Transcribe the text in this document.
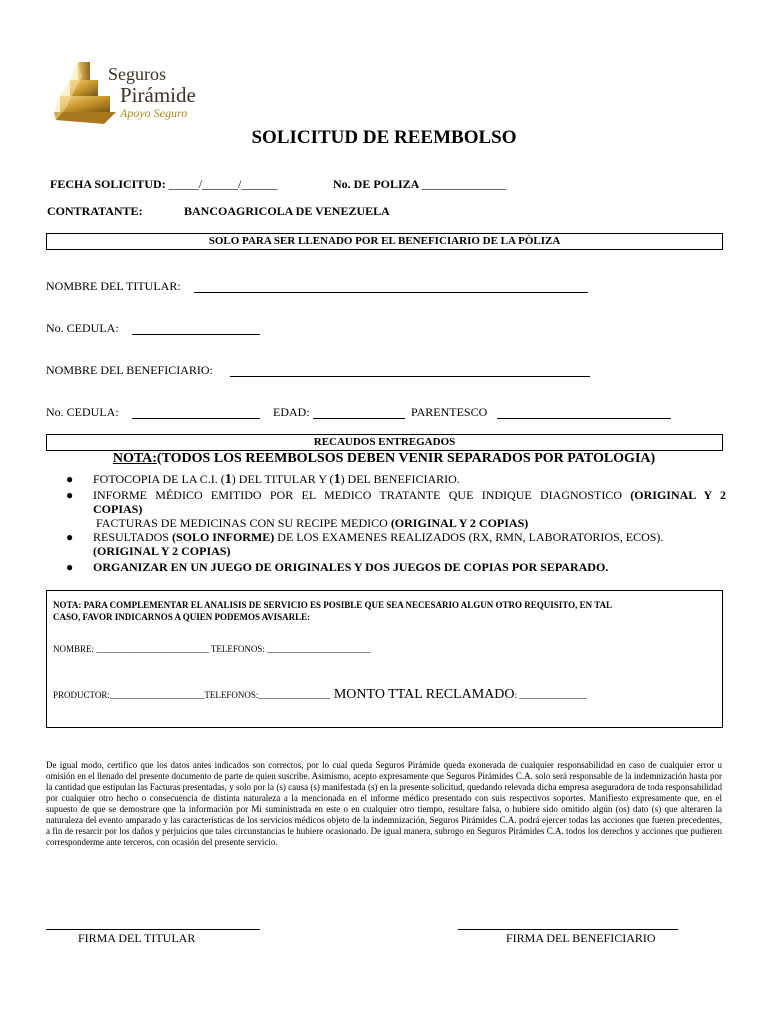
Seguros
Pirámide
Apoyo Seguro
SOLICITUD DE REEMBOLSO
FECHA SOLICITUD: _____/______/______	No. DE POLIZA ______________
CONTRATANTE:	BANCOAGRICOLA DE VENEZUELA
SOLO PARA SER LLENADO POR EL BENEFICIARIO DE LA PÒLIZA
NOMBRE DEL TITULAR:
No. CEDULA:
NOMBRE DEL BENEFICIARIO:
No. CEDULA:	EDAD:	PARENTESCO
RECAUDOS ENTREGADOS
NOTA:(TODOS LOS REEMBOLSOS DEBEN VENIR SEPARADOS POR PATOLOGIA)
● FOTOCOPIA DE LA C.I. (1) DEL TITULAR Y (1) DEL BENEFICIARIO.
● INFORME MÉDICO EMITIDO POR EL MEDICO TRATANTE QUE INDIQUE DIAGNOSTICO (ORIGINAL Y 2
COPIAS)
FACTURAS DE MEDICINAS CON SU RECIPE MEDICO (ORIGINAL Y 2 COPIAS)
● RESULTADOS (SOLO INFORME) DE LOS EXAMENES REALIZADOS (RX, RMN, LABORATORIOS, ECOS).
(ORIGINAL Y 2 COPIAS)
● ORGANIZAR EN UN JUEGO DE ORIGINALES Y DOS JUEGOS DE COPIAS POR SEPARADO.
NOTA: PARA COMPLEMENTAR EL ANALISIS DE SERVICIO ES POSIBLE QUE SEA NECESARIO ALGUN OTRO REQUISITO, EN TAL
CASO, FAVOR INDICARNOS A QUIEN PODEMOS AVISARLE:
NOMBRE: _________________________ TELEFONOS: _______________________
PRODUCTOR:_____________________TELEFONOS:________________ MONTO TTAL RECLAMADO: _______________
De igual modo, certifico que los datos antes indicados son correctos, por lo cual queda Seguros Pirámide queda exonerada de cualquier responsabilidad en caso de cualquier error u omisión en el llenado del presente documento de parte de quien suscribe. Asimismo, acepto expresamente que Seguros Pirámides C.A. solo será responsable de la indemnización hasta por la cantidad que estipulan las Facturas presentadas, y solo por la (s) causa (s) manifestada (s) en la presente solicitud, quedando relevada dicha empresa aseguradora de toda responsabilidad por cualquier otro hecho o consecuencia de distinta naturaleza a la mencionada en el informe médico presentado con suis respectivos soportes. Manifiesto expresamente que, en el supuesto de que se demostrare que la información por Mi suministrada en este o en cualquier otro tiempo, resultare falsa, o hubiere sido omitido algún (os) dato (s) que alteraren la naturaleza del evento amparado y las características de los servicios médicos objeto de la indemnización, Seguros Pirámides C.A. podrá ejercer todas las acciones que fueren precedentes, a fin de resarcir por los daños y perjuicios que tales circunstancias le hubiere ocasionado. De igual manera, subrogo en Seguros Pirámides C.A. todos los derechos y acciones que pudieren corresponderme ante terceros, con ocasión del presente servicio.
FIRMA DEL TITULAR	FIRMA DEL BENEFICIARIO
